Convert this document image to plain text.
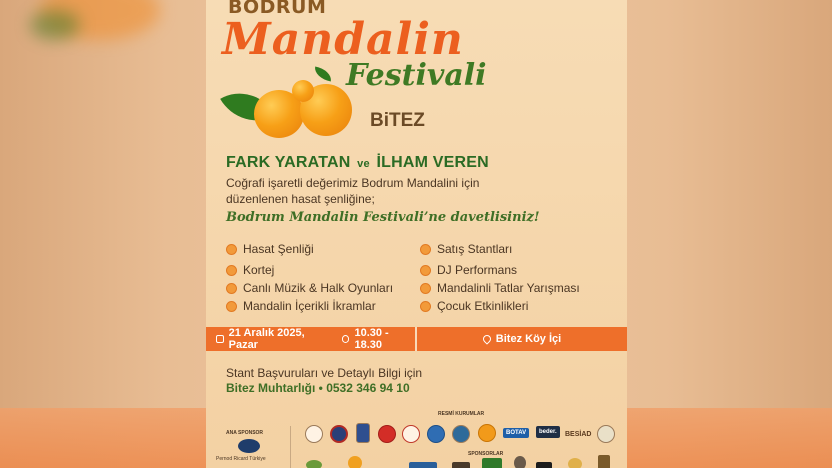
BODRUM
Mandalin
Festivali
BiTEZ
FARK YARATAN ve İLHAM VEREN
Coğrafi işaretli değerimiz Bodrum Mandalini için
düzenlenen hasat şenliğine;
Bodrum Mandalin Festivali’ne davetlisiniz!
Hasat Şenliği
Kortej
Canlı Müzik & Halk Oyunları
Mandalin İçerikli İkramlar
Satış Stantları
DJ Performans
Mandalinli Tatlar Yarışması
Çocuk Etkinlikleri
21 Aralık 2025, Pazar
10.30 - 18.30	Bitez Köy İçi
Stant Başvuruları ve Detaylı Bilgi için
Bitez Muhtarlığı • 0532 346 94 10
ANA SPONSOR
Pernod Ricard Türkiye
RESMİ KURUMLAR
BOTAV	beder.	BESİAD
SPONSORLAR
